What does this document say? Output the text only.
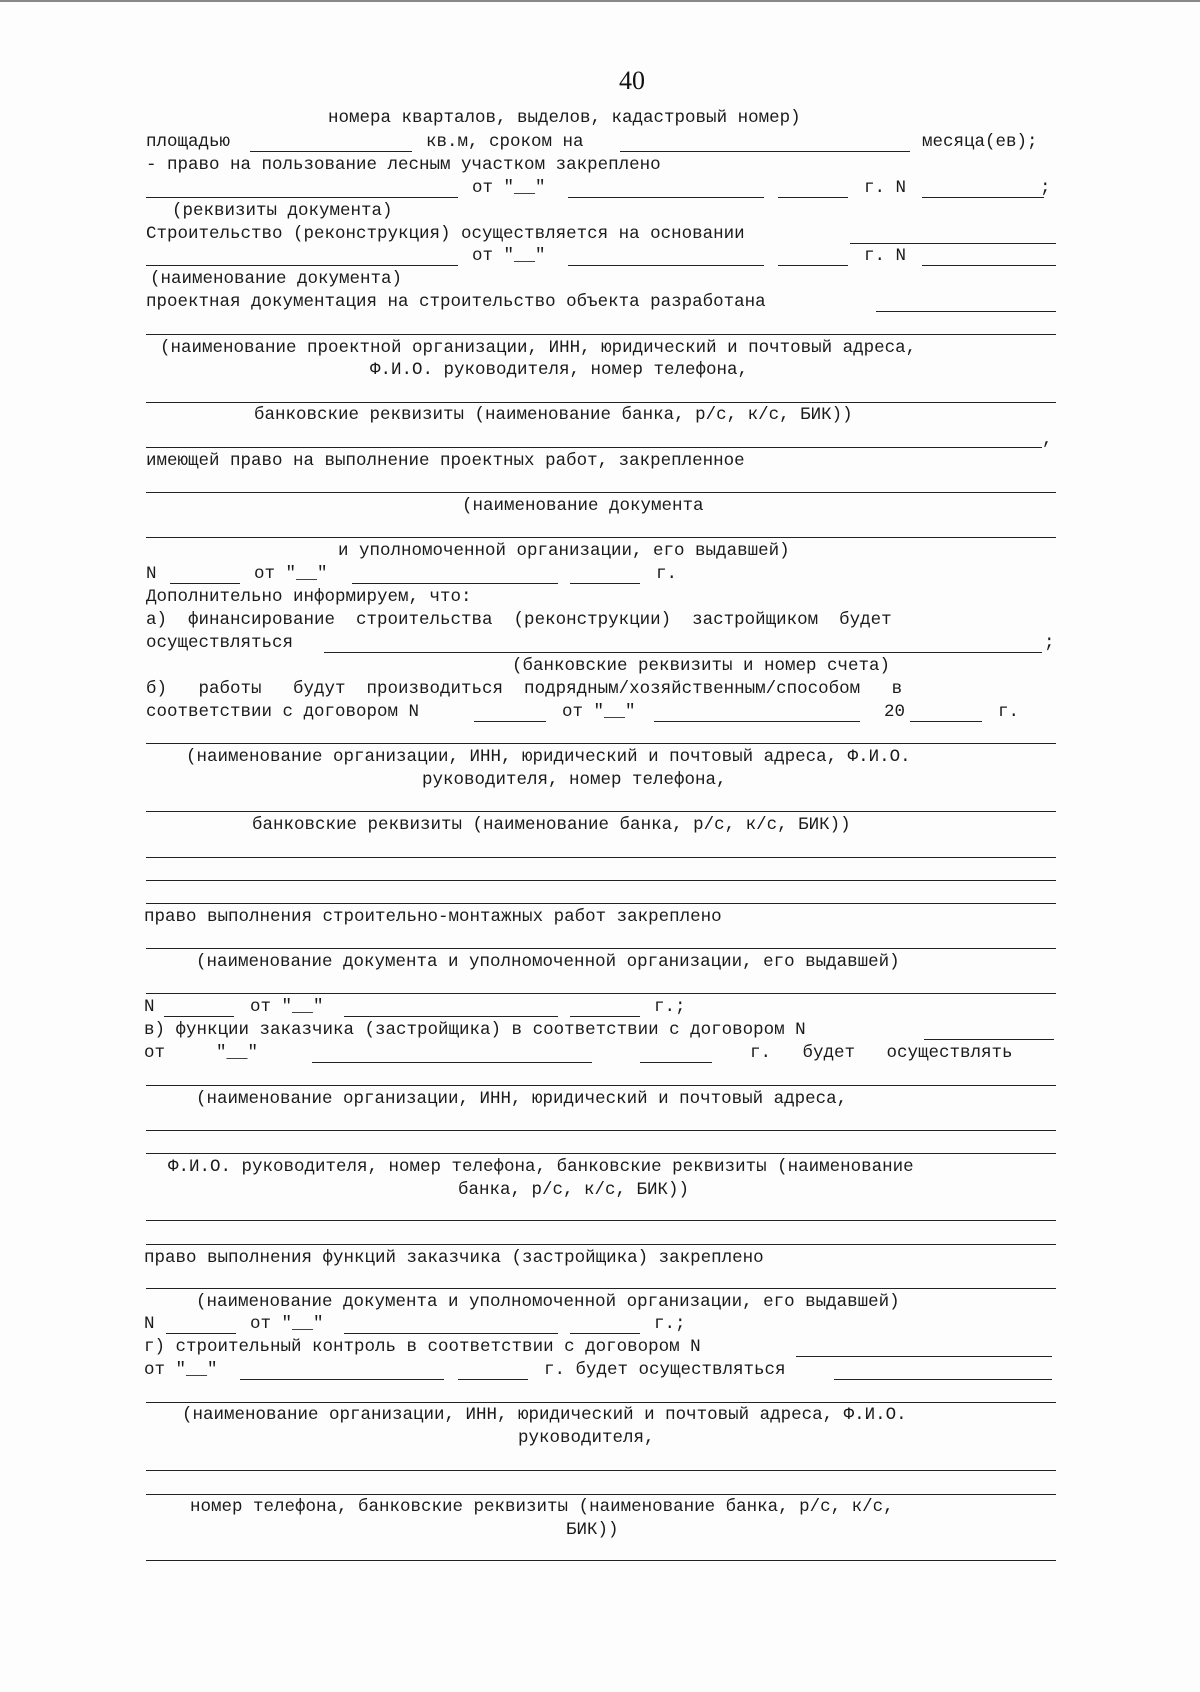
40
номера кварталов, выделов, кадастровый номер)
площадью	кв.м, сроком на	месяца(ев);
- право на пользование лесным участком закреплено
от "__"	г. N	;
(реквизиты документа)
Строительство (реконструкция) осуществляется на основании
от "__"	г. N
(наименование документа)
проектная документация на строительство объекта разработана
(наименование проектной организации, ИНН, юридический и почтовый адреса,
Ф.И.О. руководителя, номер телефона,
банковские реквизиты (наименование банка, р/с, к/с, БИК))
,
имеющей право на выполнение проектных работ, закрепленное
(наименование документа
и уполномоченной организации, его выдавшей)
N	от "__"	г.
Дополнительно информируем, что:
а)  финансирование  строительства  (реконструкции)  застройщиком  будет
осуществляться	;
(банковские реквизиты и номер счета)
б)   работы   будут  производиться  подрядным/хозяйственным/способом   в
соответствии с договором N	от "__"	20	г.
(наименование организации, ИНН, юридический и почтовый адреса, Ф.И.О.
руководителя, номер телефона,
банковские реквизиты (наименование банка, р/с, к/с, БИК))
право выполнения строительно-монтажных работ закреплено
(наименование документа и уполномоченной организации, его выдавшей)
N	от "__"	г.;
в) функции заказчика (застройщика) в соответствии с договором N
от	"__"	г.   будет   осуществлять
(наименование организации, ИНН, юридический и почтовый адреса,
Ф.И.О. руководителя, номер телефона, банковские реквизиты (наименование
банка, р/с, к/с, БИК))
право выполнения функций заказчика (застройщика) закреплено
(наименование документа и уполномоченной организации, его выдавшей)
N	от "__"	г.;
г) строительный контроль в соответствии с договором N
от "__"	г. будет осуществляться
(наименование организации, ИНН, юридический и почтовый адреса, Ф.И.О.
руководителя,
номер телефона, банковские реквизиты (наименование банка, р/с, к/с,
БИК))
